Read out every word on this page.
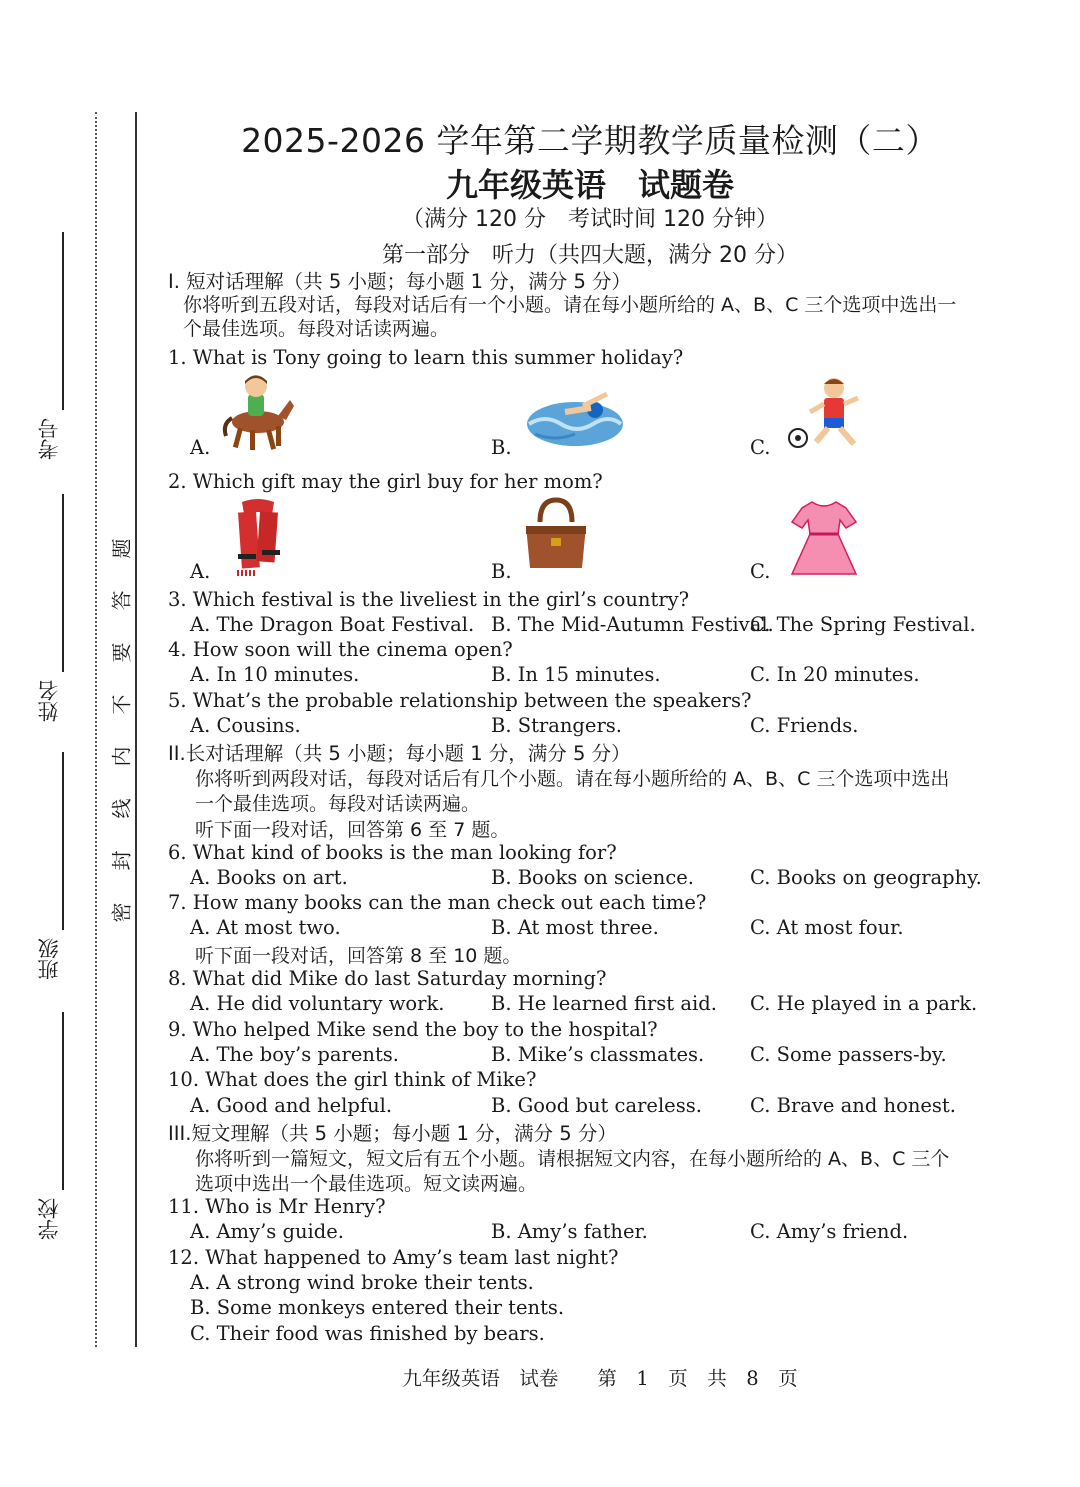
考号
姓名
班级
学校
题
答
要
不
内
线
封
密
2025-2026 学年第二学期教学质量检测（二）
九年级英语　试题卷
（满分 120 分　考试时间 120 分钟）
第一部分　听力（共四大题，满分 20 分）
I. 短对话理解（共 5 小题；每小题 1 分，满分 5 分）
你将听到五段对话，每段对话后有一个小题。请在每小题所给的 A、B、C 三个选项中选出一
个最佳选项。每段对话读两遍。
1. What is Tony going to learn this summer holiday?
A.	B.	C.
2. Which gift may the girl buy for her mom?
A.	B.	C.
3. Which festival is the liveliest in the girl’s country?
A. The Dragon Boat Festival. B. The Mid-Autumn Festival.
C. The Spring Festival.
4. How soon will the cinema open?
A. In 10 minutes.	B. In 15 minutes.	C. In 20 minutes.
5. What’s the probable relationship between the speakers?
A. Cousins.	B. Strangers.	C. Friends.
II.长对话理解（共 5 小题；每小题 1 分，满分 5 分）
你将听到两段对话，每段对话后有几个小题。请在每小题所给的 A、B、C 三个选项中选出
一个最佳选项。每段对话读两遍。
听下面一段对话，回答第 6 至 7 题。
6. What kind of books is the man looking for?
A. Books on art.	B. Books on science.	C. Books on geography.
7. How many books can the man check out each time?
A. At most two.	B. At most three.	C. At most four.
听下面一段对话，回答第 8 至 10 题。
8. What did Mike do last Saturday morning?
A. He did voluntary work. B. He learned first aid. C. He played in a park.
9. Who helped Mike send the boy to the hospital?
A. The boy’s parents.	B. Mike’s classmates. C. Some passers-by.
10. What does the girl think of Mike?
A. Good and helpful.	B. Good but careless. C. Brave and honest.
III.短文理解（共 5 小题；每小题 1 分，满分 5 分）
你将听到一篇短文，短文后有五个小题。请根据短文内容，在每小题所给的 A、B、C 三个
选项中选出一个最佳选项。短文读两遍。
11. Who is Mr Henry?
A. Amy’s guide.	B. Amy’s father.	C. Amy’s friend.
12. What happened to Amy’s team last night?
A. A strong wind broke their tents.
B. Some monkeys entered their tents.
C. Their food was finished by bears.
九年级英语　试卷　　第　1　页　共　8　页
